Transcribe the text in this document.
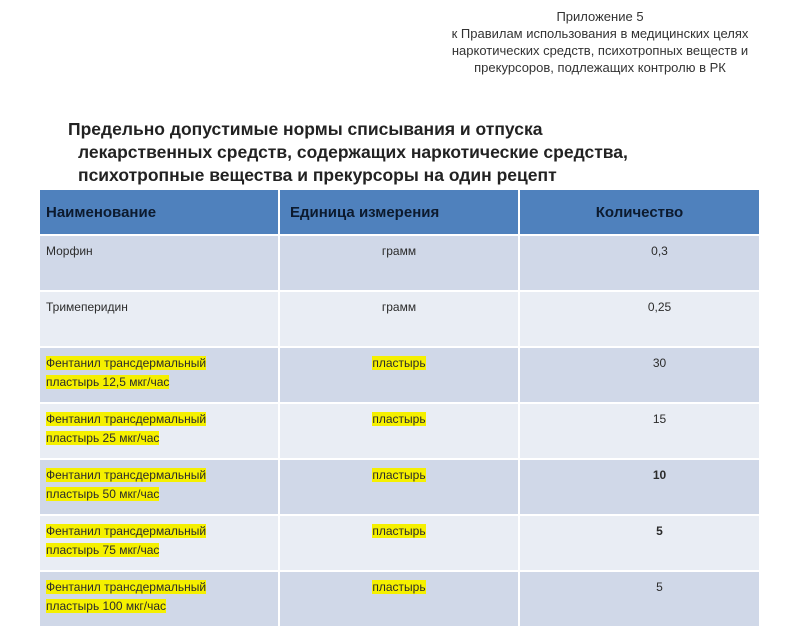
Приложение 5
к Правилам использования в медицинских целях
наркотических средств, психотропных веществ и
прекурсоров, подлежащих контролю в РК
Предельно допустимые нормы списывания и отпуска
лекарственных средств, содержащих наркотические средства,
психотропные вещества и прекурсоры на один рецепт
Наименование	Единица измерения	Количество
Морфин	грамм	0,3
Тримеперидин	грамм	0,25
Фентанил трансдермальный
пластырь 12,5 мкг/час	пластырь	30
Фентанил трансдермальный
пластырь 25 мкг/час	пластырь	15
Фентанил трансдермальный
пластырь 50 мкг/час	пластырь	10
Фентанил трансдермальный
пластырь 75 мкг/час	пластырь	5
Фентанил трансдермальный
пластырь 100 мкг/час	пластырь	5
